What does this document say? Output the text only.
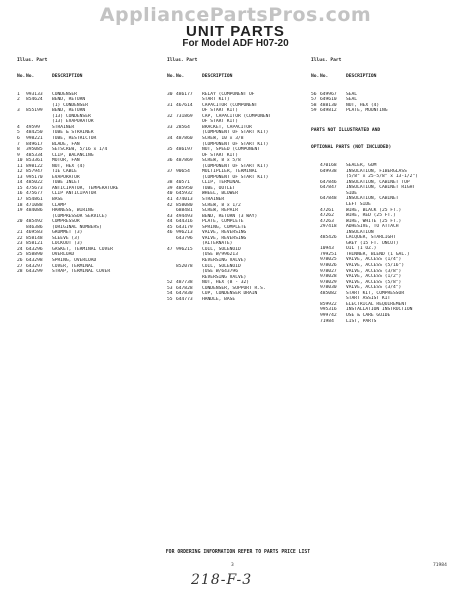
AppliancePartsPros.com
UNIT PARTS
For Model ADF H07-20

Illus. Part

No. No.	DESCRIPTION

1	993133	CONDENSER
2	854624	BEND, RETURN
(1) CONDENSER
3	855199	BEND, RETURN
(13) CONDENSER
(13) EVAPORATOR
4	49599	STRAINER
5	484250	TUBE & STRAINER
6	998221	TUBE, RESTRICTOR
7	849617	BLADE, FAN
8	395085	SETSCREW, 5/16 x 1/4
9	485334	CLIP, BALANCING
10 853361	MOTOR, FAN
11 898122	NUT, HEX (4)
12 857947	TIE CABLE
13 995170	EVAPORATOR
14 485022	TUBE INLET
15 475673	ANTICIPATOR, TEMPERATURE
16 475677	CLIP ANTICIPATOR
17 854861	BASE
18 471088	CLAMP
19 484086	HARNESS, WIRING
(COMPRESSOR SERVICE)
20 485492	COMPRESSOR
846386	(ORIGINAL NUMBERS)
21 469583	GROMMET (3)
22 858148	SLEEVE (3)
23 858121	LOCKOUT (3)
24 643296	GASKET, TERMINAL COVER
25 858890	OVERLOAD
26 643298	SPRING, OVERLOAD
27 643297	COVER, TERMINAL
28 643299	STRAP, TERMINAL COVER

Illus. Part

No. No.	DESCRIPTION

30 486177	RELAY (COMPONENT OF
START KIT)
31 467614	CAPACITOR (COMPONENT
OF START KIT)
32 731869	CAP, CAPACITOR (COMPONENT
OF START KIT)
33 28564	BRACKET, CAPACITOR
(COMPONENT OF START KIT)
34 487860	SCREW, 10 x 3/8
(COMPONENT OF START KIT)
35 486197	NUT, SPEED (COMPONENT
OF START KIT)
36 487869	SCREW, 8 x 5/8
(COMPONENT OF START KIT)
37 90654	MULTIPLIER, TERMINAL
(COMPONENT OF START KIT)
38 40571	CLIP, TERMINAL
39 485950	TUBE, OUTLET
40 645932	WHEEL, BLOWER
41 474013	STRAINER
42 858080	SCREW, 8 x 1/2
688481	SCREW, REPAIR
43 494493	BEND, RETURN (3 WAY)
44 644316	PLATE, COMPLETE
45 643179	SPRING, COMPLETE
46 996213	VALVE, REVERSING
643796	VALVE, REVERSING
(ALTERNATE)
47 996215	COIL, SOLENOID
(USE W/996213
REVERSING VALVE)
852078	COIL, SOLENOID
(USE W/643796
REVERSING VALVE)
52 487738	NUT, HEX (8 - 32)
53 647828	CONDENSER, SUPPORT R.S.
54 647830	CUP, CONDENSER DRAIN
55 644773	HANDLE, BASE

Illus. Part

No. No.	DESCRIPTION

56 649967	SEAL
57 649610	SEAL
58 488130	NUT, HEX (4)
59 649812	PLATE, MOUNTING

PARTS NOT ILLUSTRATED AND

OPTIONAL PARTS (NOT INCLUDED)

470168	SEALER, GUM
649938	INSULATION, FIBERGLASS
(5/8" x 25-5/8" x 13-1/2")
647846	INSULATION, CABINET TOP
647847	INSULATION, CABINET RIGHT
SIDE
647848	INSULATION, CABINET
LEFT SIDE
47261	WIRE, BLACK (25 FT.)
47262	WIRE, RED (25 FT.)
47263	WIRE, WHITE (25 FT.)
297418	ADHESIVE, TO ATTACH
INSULATION
485426	LACQUER, STARLIGHT
GREY (15 FT. UNCUT)
10943	OIL (1 OZ.)
799251	THINNER, BLEND (1 GAL.)
978025	VALVE, ACCESS (1/4")
978026	VALVE, ACCESS (5/16")
978027	VALVE, ACCESS (3/8")
978028	VALVE, ACCESS (1/2")
978029	VALVE, ACCESS (5/8")
978030	VALVE, ACCESS (3/4")
485082	START KIT, COMPRESSOR
START ASSIST KIT
859922	ELECTRICAL REQUIREMENT
995316	INSTALLATION INSTRUCTION
999742	USE & CARE GUIDE
71984	LIST, PARTS
FOR ORDERING INFORMATION REFER TO PARTS PRICE LIST
3	71984
218-F-3
